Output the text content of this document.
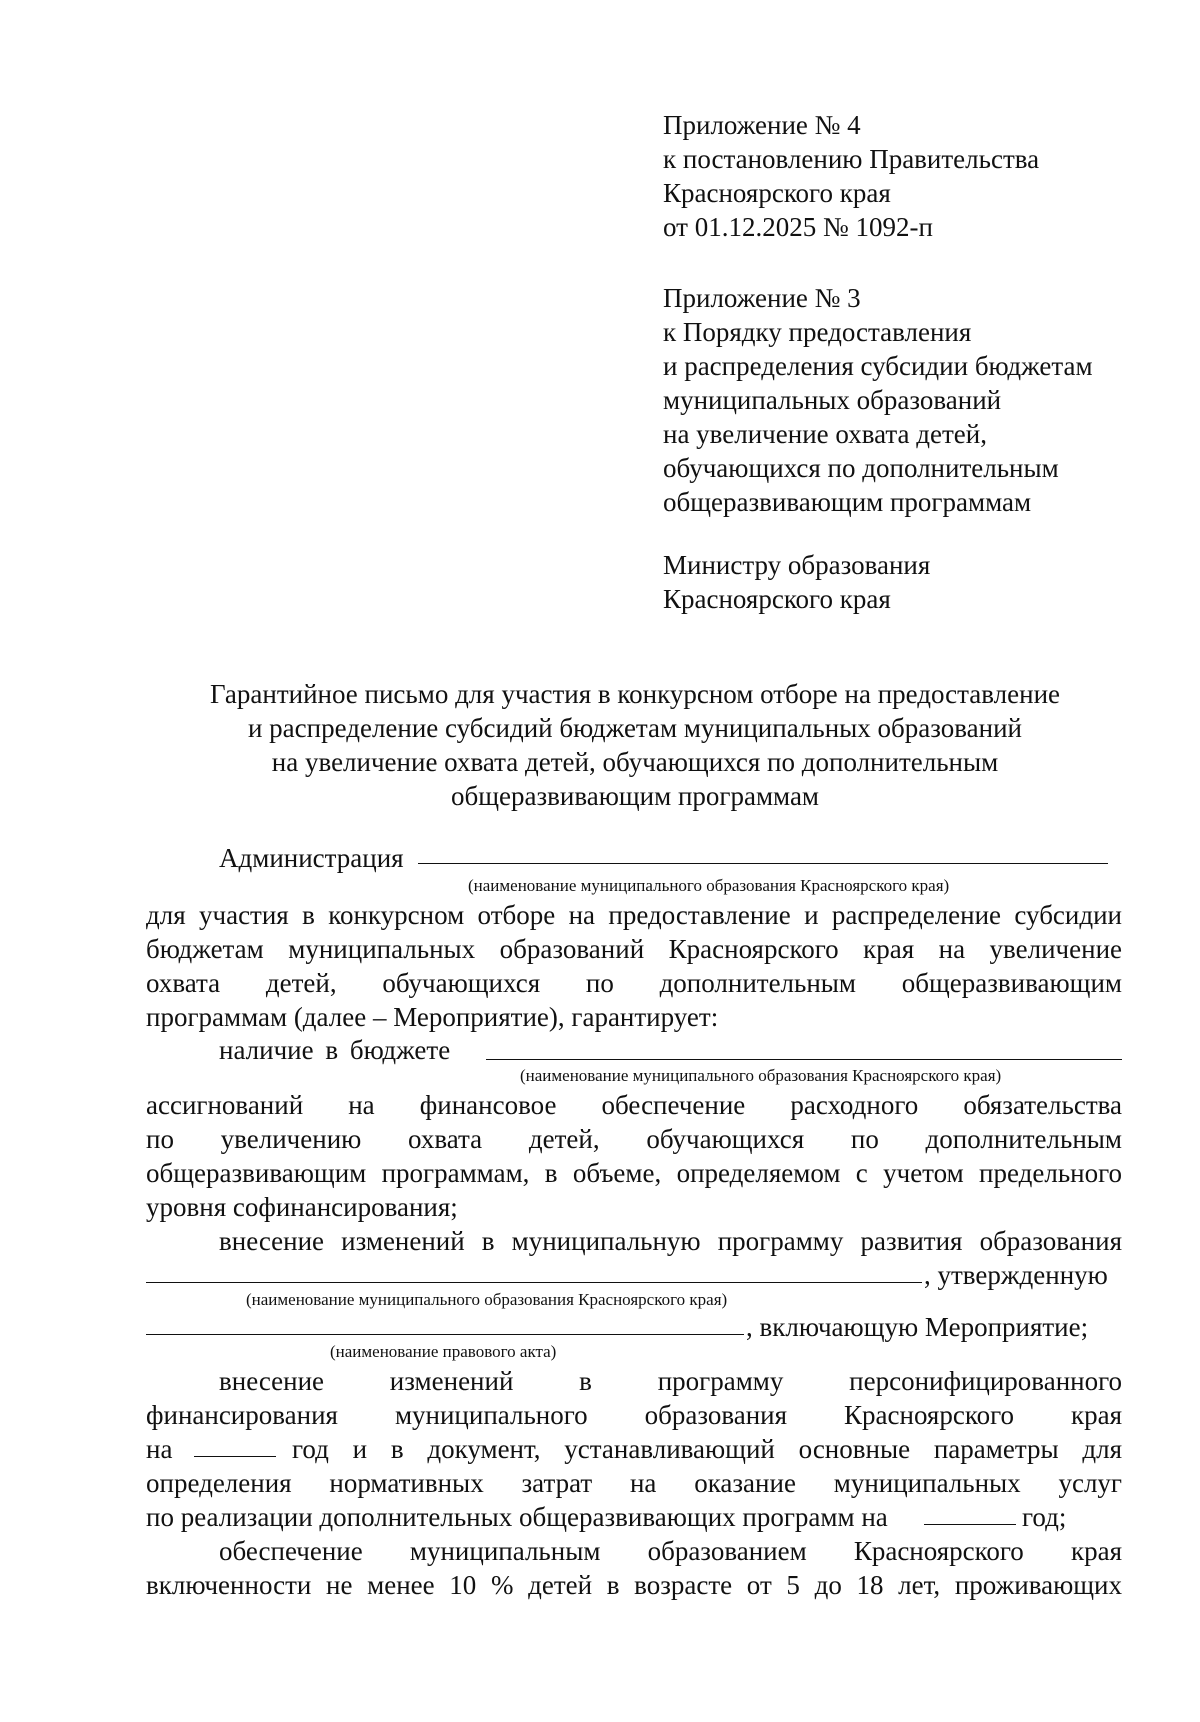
Приложение № 4
к постановлению Правительства
Красноярского края
от 01.12.2025 № 1092-п
Приложение № 3
к Порядку предоставления
и распределения субсидии бюджетам
муниципальных образований
на увеличение охвата детей,
обучающихся по дополнительным
общеразвивающим программам
Министру образования
Красноярского края
Гарантийное письмо для участия в конкурсном отборе на предоставление
и распределение субсидий бюджетам муниципальных образований
на увеличение охвата детей, обучающихся по дополнительным
общеразвивающим программам
Администрация
(наименование муниципального образования Красноярского края)
для участия в конкурсном отборе на предоставление и распределение субсидии
бюджетам муниципальных образований Красноярского края на увеличение
охвата детей, обучающихся по дополнительным общеразвивающим
программам (далее – Мероприятие), гарантирует:
наличие в бюджете
(наименование муниципального образования Красноярского края)
ассигнований на финансовое обеспечение расходного обязательства
по увеличению охвата детей, обучающихся по дополнительным
общеразвивающим программам, в объеме, определяемом с учетом предельного
уровня софинансирования;
внесение изменений в муниципальную программу развития образования
, утвержденную
(наименование муниципального образования Красноярского края)
, включающую Мероприятие;
(наименование правового акта)
внесение изменений в программу персонифицированного
финансирования муниципального образования Красноярского края
на	год и в документ, устанавливающий основные параметры для
определения нормативных затрат на оказание муниципальных услуг
по реализации дополнительных общеразвивающих программ на	год;
обеспечение муниципальным образованием Красноярского края
включенности не менее 10 % детей в возрасте от 5 до 18 лет, проживающих
